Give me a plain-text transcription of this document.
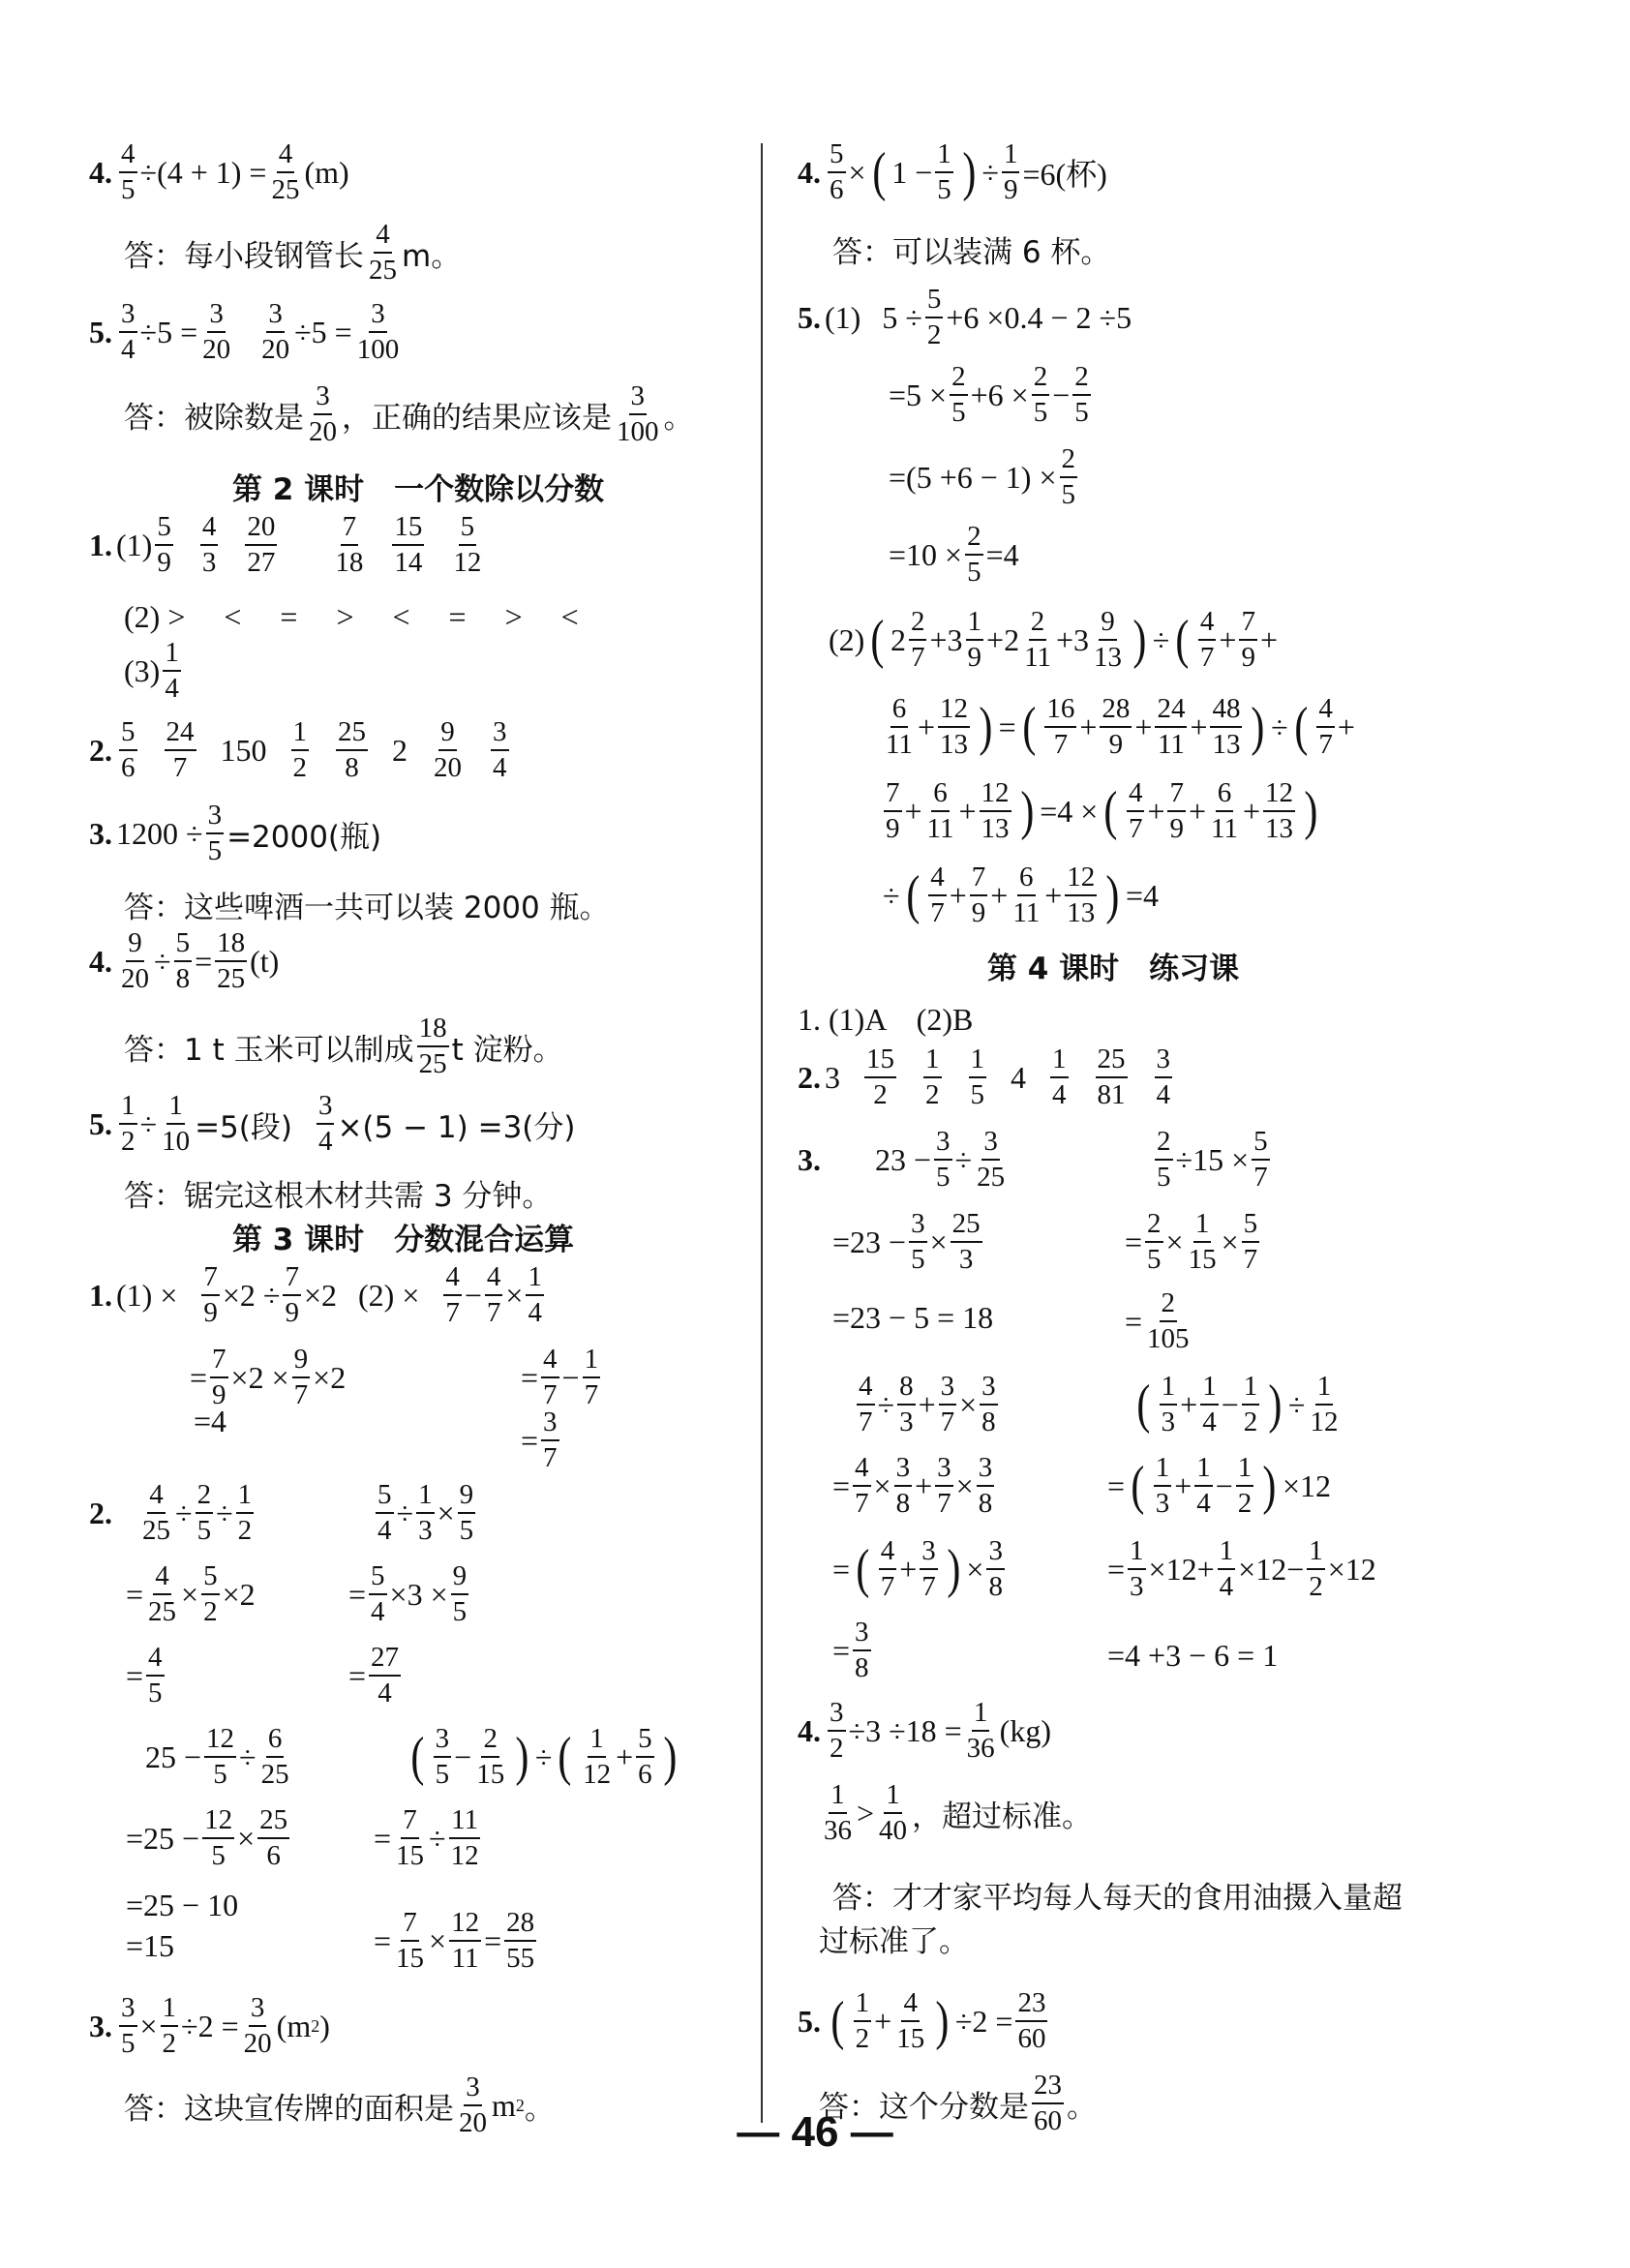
4. $\frac{4}{5} \div(4 + 1) = \frac{4}{25} (m)$
答：每小段钢管长 $\frac{4}{25}$ m。
5. $\frac{3}{4} \div 5 = \frac{3}{20} \frac{3}{20} \div 5 = \frac{3}{100}$
答：被除数是 $\frac{3}{20}$ ，正确的结果应该是 $\frac{3}{100}$ 。
第 2 课时　一个数除以分数
1. $(1) \frac{5}{9} \frac{4}{3} \frac{20}{27} \frac{7}{18} \frac{15}{14} \frac{5}{12}$
(2) >　 <　 =　 >　 <　 =　 >　 <
$(3) \frac{1}{4}$
2. $\frac{5}{6} \frac{24}{7} 150 \frac{1}{2} \frac{25}{8} 2 \frac{9}{20} \frac{3}{4}$
3. $1200 \div \frac{3}{5} =2000$(瓶)
答：这些啤酒一共可以装 2000 瓶。
4. $\frac{9}{20} \div \frac{5}{8} = \frac{18}{25} (t)$
答：1 t 玉米可以制成 $\frac{18}{25}$ t 淀粉。
5. $\frac{1}{2} \div \frac{1}{10} =5$(段) $\frac{3}{4} \times(5 - 1) =3$(分)
答：锯完这根木材共需 3 分钟。
第 3 课时　分数混合运算
1. $(1) \times \frac{7}{9} \times 2 \div \frac{7}{9} \times 2$ $(2) \times \frac{4}{7} - \frac{4}{7} \times \frac{1}{4}$
= $\frac{7}{9} \times 2 \times \frac{9}{7} \times 2$	= $\frac{4}{7} - \frac{1}{7}$
=4
= $\frac{3}{7}$
2. $\frac{4}{25} \div \frac{2}{5} \div \frac{1}{2}$	$\frac{5}{4} \div \frac{1}{3} \times \frac{9}{5}$
= $\frac{4}{25} \times \frac{5}{2} \times 2$	= $\frac{5}{4} \times 3 \times \frac{9}{5}$
= $\frac{4}{5}$	= $\frac{27}{4}$
$25 - \frac{12}{5} \div \frac{6}{25}$ ( $\frac{3}{5} - \frac{2}{15}$ ) ÷ ( $\frac{1}{12} + \frac{5}{6}$ )
$=25 - \frac{12}{5} \times \frac{25}{6}$	= $\frac{7}{15} \div \frac{11}{12}$
=25 − 10
=15	= $\frac{7}{15} \times \frac{12}{11} = \frac{28}{55}$
3. $\frac{3}{5} \times \frac{1}{2} \div 2 = \frac{3}{20} (m$ 2 )
答：这块宣传牌的面积是 $\frac{3}{20}$ m 2 。
4. $\frac{5}{6}$ × ( $1 - \frac{1}{5}$ ) ÷ $\frac{1}{9} =6$(杯)
答：可以装满 6 杯。
5. (1) $5 \div \frac{5}{2} +6 \times 0.4 - 2 \div 5$
$=5 \times \frac{2}{5} +6 \times \frac{2}{5} - \frac{2}{5}$
$=(5 +6 - 1) \times \frac{2}{5}$
$=10 \times \frac{2}{5} =4$
(2) ( $2 \frac{2}{7} +3 \frac{1}{9} +2 \frac{2}{11} +3 \frac{9}{13}$ ) ÷ ( $\frac{4}{7} + \frac{7}{9}$ +
$\frac{6}{11} + \frac{12}{13}$ ) = ( $\frac{16}{7} + \frac{28}{9} + \frac{24}{11} + \frac{48}{13}$ ) ÷ ( $\frac{4}{7}$ +
$\frac{7}{9} + \frac{6}{11} + \frac{12}{13}$ ) =4 × ( $\frac{4}{7} + \frac{7}{9} + \frac{6}{11} + \frac{12}{13}$ )
÷ ( $\frac{4}{7} + \frac{7}{9} + \frac{6}{11} + \frac{12}{13}$ ) =4
第 4 课时　练习课
1. (1)A　(2)B
2. $3 \frac{15}{2} \frac{1}{2} \frac{1}{5} 4 \frac{1}{4} \frac{25}{81} \frac{3}{4}$
3. $23 - \frac{3}{5} \div \frac{3}{25}$	$\frac{2}{5} \div 15 \times \frac{5}{7}$
$=23 - \frac{3}{5} \times \frac{25}{3}$	= $\frac{2}{5} \times \frac{1}{15} \times \frac{5}{7}$
=23 − 5 = 18	= $\frac{2}{105}$
$\frac{4}{7} \div \frac{8}{3} + \frac{3}{7} \times \frac{3}{8}$	( $\frac{1}{3} + \frac{1}{4} - \frac{1}{2}$ ) ÷ $\frac{1}{12}$
= $\frac{4}{7} \times \frac{3}{8} + \frac{3}{7} \times \frac{3}{8}$	= ( $\frac{1}{3} + \frac{1}{4} - \frac{1}{2}$ ) ×12
= ( $\frac{4}{7} + \frac{3}{7}$ ) × $\frac{3}{8}$	= $\frac{1}{3} \times 12+ \frac{1}{4} \times 12- \frac{1}{2} \times 12$
= $\frac{3}{8}$	=4 +3 − 6 = 1
4. $\frac{3}{2} \div 3 \div 18 = \frac{1}{36} (kg)$
$\frac{1}{36} > \frac{1}{40}$ ， 超过标准。
答：才才家平均每人每天的食用油摄入量超
过标准了。
5. ( $\frac{1}{2} + \frac{4}{15}$ ) $\div 2 = \frac{23}{60}$
答：这个分数是 $\frac{23}{60}$ 。
— 46 —
